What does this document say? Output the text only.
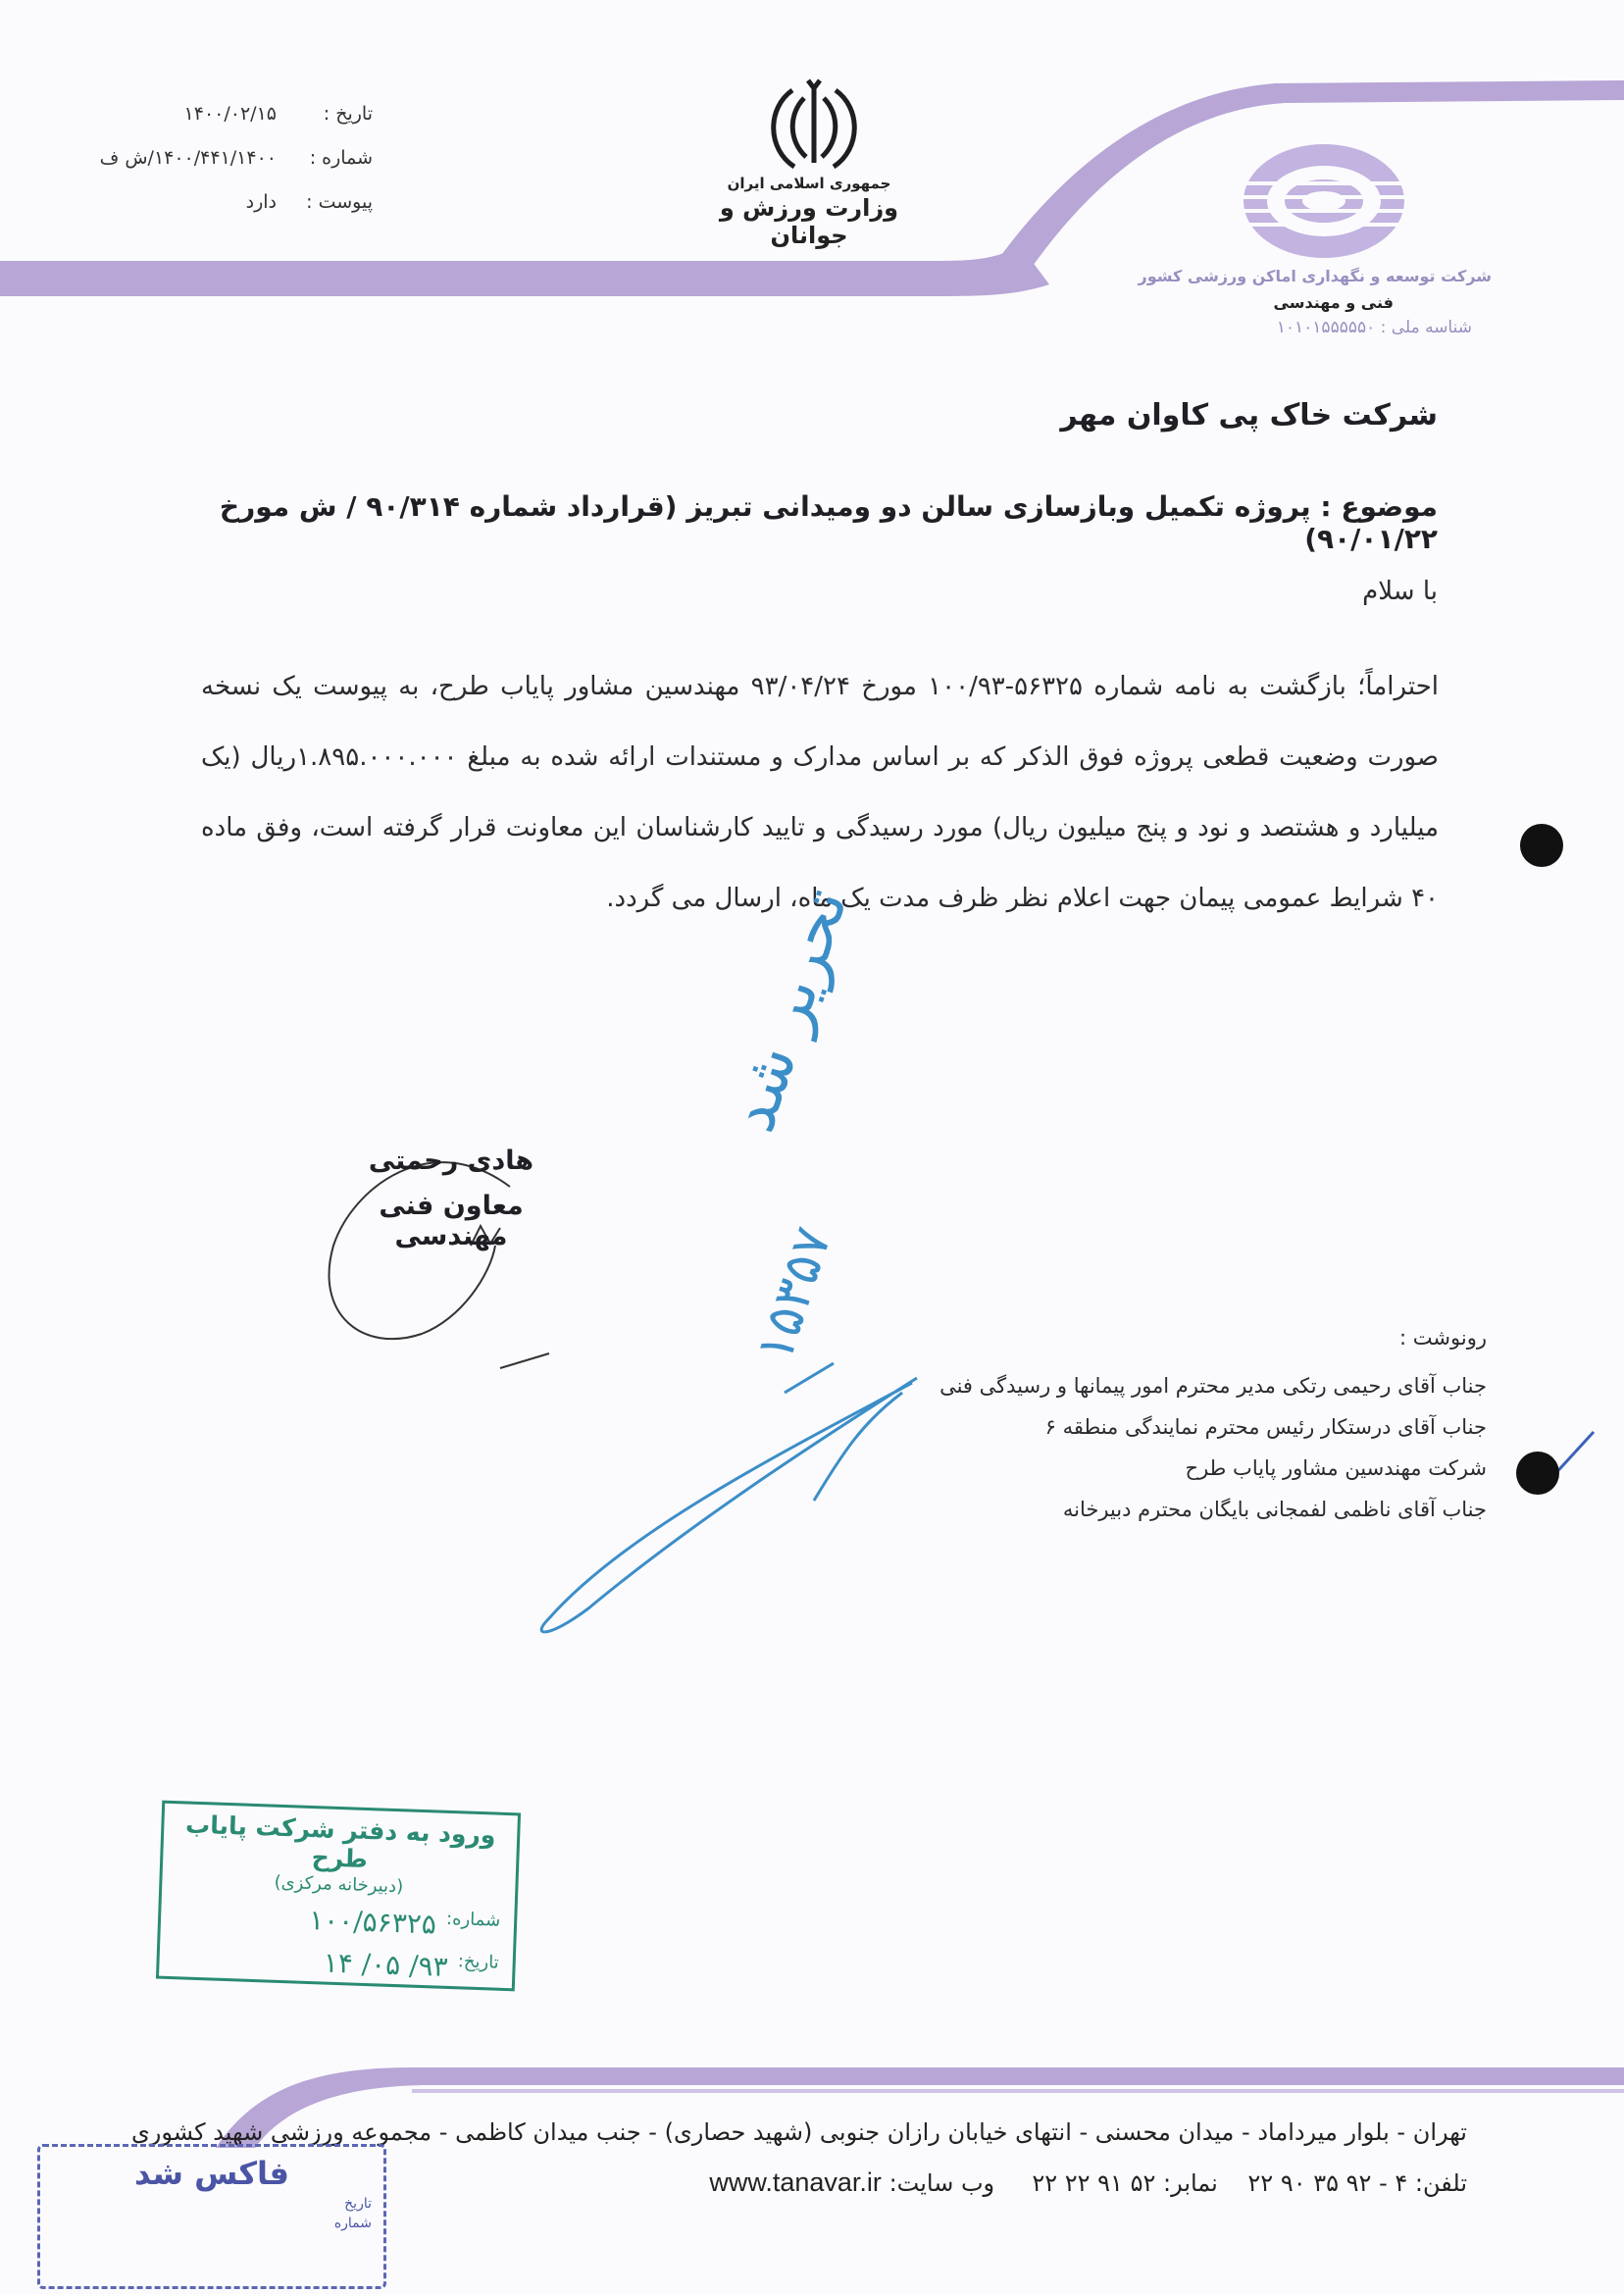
تاریخ :
۱۴۰۰/۰۲/۱۵
شماره :
۱۴۰۰/۴۴۱/۱۴۰۰/ش ف
پیوست :
دارد
جمهوری اسلامی ایران
وزارت ورزش و جوانان
شرکت توسعه و نگهداری اماکن ورزشی کشور
فنی و مهندسی
شناسه ملی : ۱۰۱۰۱۵۵۵۵۵۰
شرکت خاک پی کاوان مهر
موضوع : پروژه تکمیل وبازسازی سالن دو ومیدانی تبریز (قرارداد شماره ۹۰/۳۱۴ / ش مورخ ۹۰/۰۱/۲۲)
با سلام
احتراماً؛ بازگشت به نامه شماره ۵۶۳۲۵-۱۰۰/۹۳ مورخ ۹۳/۰۴/۲۴ مهندسین مشاور پایاب طرح، به پیوست یک نسخه صورت وضعیت قطعی پروژه فوق الذکر که بر اساس مدارک و مستندات ارائه شده به مبلغ ۱.۸۹۵.۰۰۰.۰۰۰ریال (یک میلیارد و هشتصد و نود و پنج میلیون ریال) مورد رسیدگی و تایید کارشناسان این معاونت قرار گرفته است، وفق ماده ۴۰ شرایط عمومی پیمان جهت اعلام نظر ظرف مدت یک ماه، ارسال می گردد.
هادی رحمتی
معاون فنی مهندسی
تحریر شد
۱۵۳۵۷	رونوشت :
جناب آقای رحیمی رتکی مدیر محترم امور پیمانها و رسیدگی فنی
جناب آقای درستکار رئیس محترم نمایندگی منطقه ۶
شرکت مهندسین مشاور پایاب طرح
جناب آقای ناظمی لفمجانی بایگان محترم دبیرخانه
ورود به دفتر شرکت پایاب طرح
(دبیرخانه مرکزی)
شماره:
۱۰۰/۵۶۳۲۵
تاریخ:
۹۳/ ۰۵/ ۱۴
تهران - بلوار میرداماد - میدان محسنی - انتهای خیابان رازان جنوبی (شهید حصاری) - جنب میدان کاظمی - مجموعه ورزشی شهید کشوری
تلفن: ۴ - ۹۲ ۳۵ ۹۰ ۲۲    نمابر: ۵۲ ۹۱ ۲۲ ۲۲     وب سایت: www.tanavar.ir
فاکس شد
تاریخ
شماره
